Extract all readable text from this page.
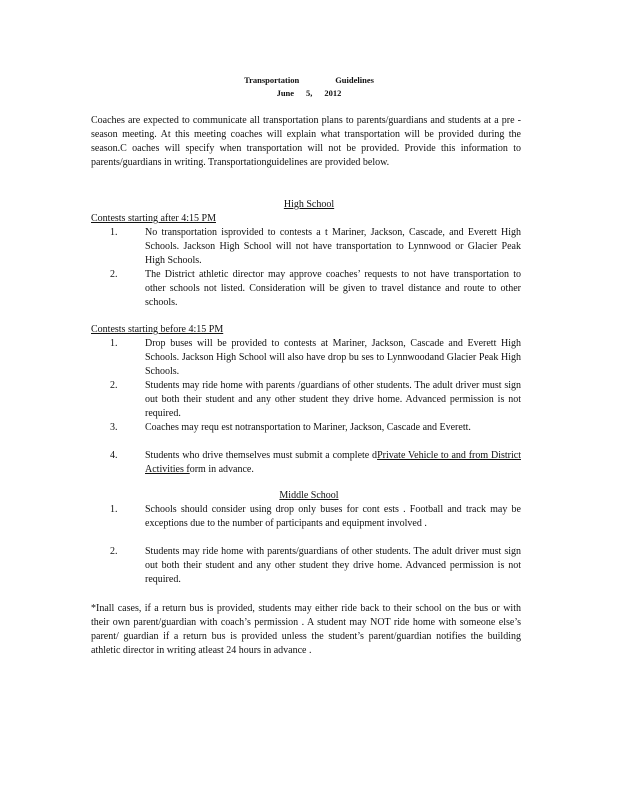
Transportation	Guidelines
June 5, 2012
Coaches are expected to communicate all transportation plans to parents/guardians and students at a pre -season meeting. At this meeting coaches will explain what transportation will be provided during the season.C oaches will specify when transportation will not be provided. Provide this information to parents/guardians in writing. Transportationguidelines are provided below.
High School
Contests starting after 4:15 PM
1.	No transportation isprovided to contests a t Mariner, Jackson, Cascade, and Everett High Schools. Jackson High School will not have transportation to Lynnwood or Glacier Peak High Schools.
2.	The District athletic director may approve coaches’ requests to not have transportation to other schools not listed. Consideration will be given to travel distance and route to other schools.
Contests starting before 4:15 PM
1.	Drop buses will be provided to contests at Mariner, Jackson, Cascade and Everett High Schools. Jackson High School will also have drop bu ses to Lynnwoodand Glacier Peak High Schools.
2.	Students may ride home with parents /guardians of other students. The adult driver must sign out both their student and any other student they drive home. Advanced permission is not required.
3.	Coaches may requ est notransportation to Mariner, Jackson, Cascade and Everett.
4.	Students who drive themselves must submit a complete dPrivate Vehicle to and from District Activities form in advance.
Middle School
1.	Schools should consider using drop only buses for cont ests . Football and track may be exceptions due to the number of participants and equipment involved .
2.	Students may ride home with parents/guardians of other students. The adult driver must sign out both their student and any other student they drive home. Advanced permission is not required.
*Inall cases, if a return bus is provided, students may either ride back to their school on the bus or with their own parent/guardian with coach’s permission . A student may NOT ride home with someone else’s parent/ guardian if a return bus is provided unless the student’s parent/guardian notifies the building athletic director in writing atleast 24 hours in advance .
